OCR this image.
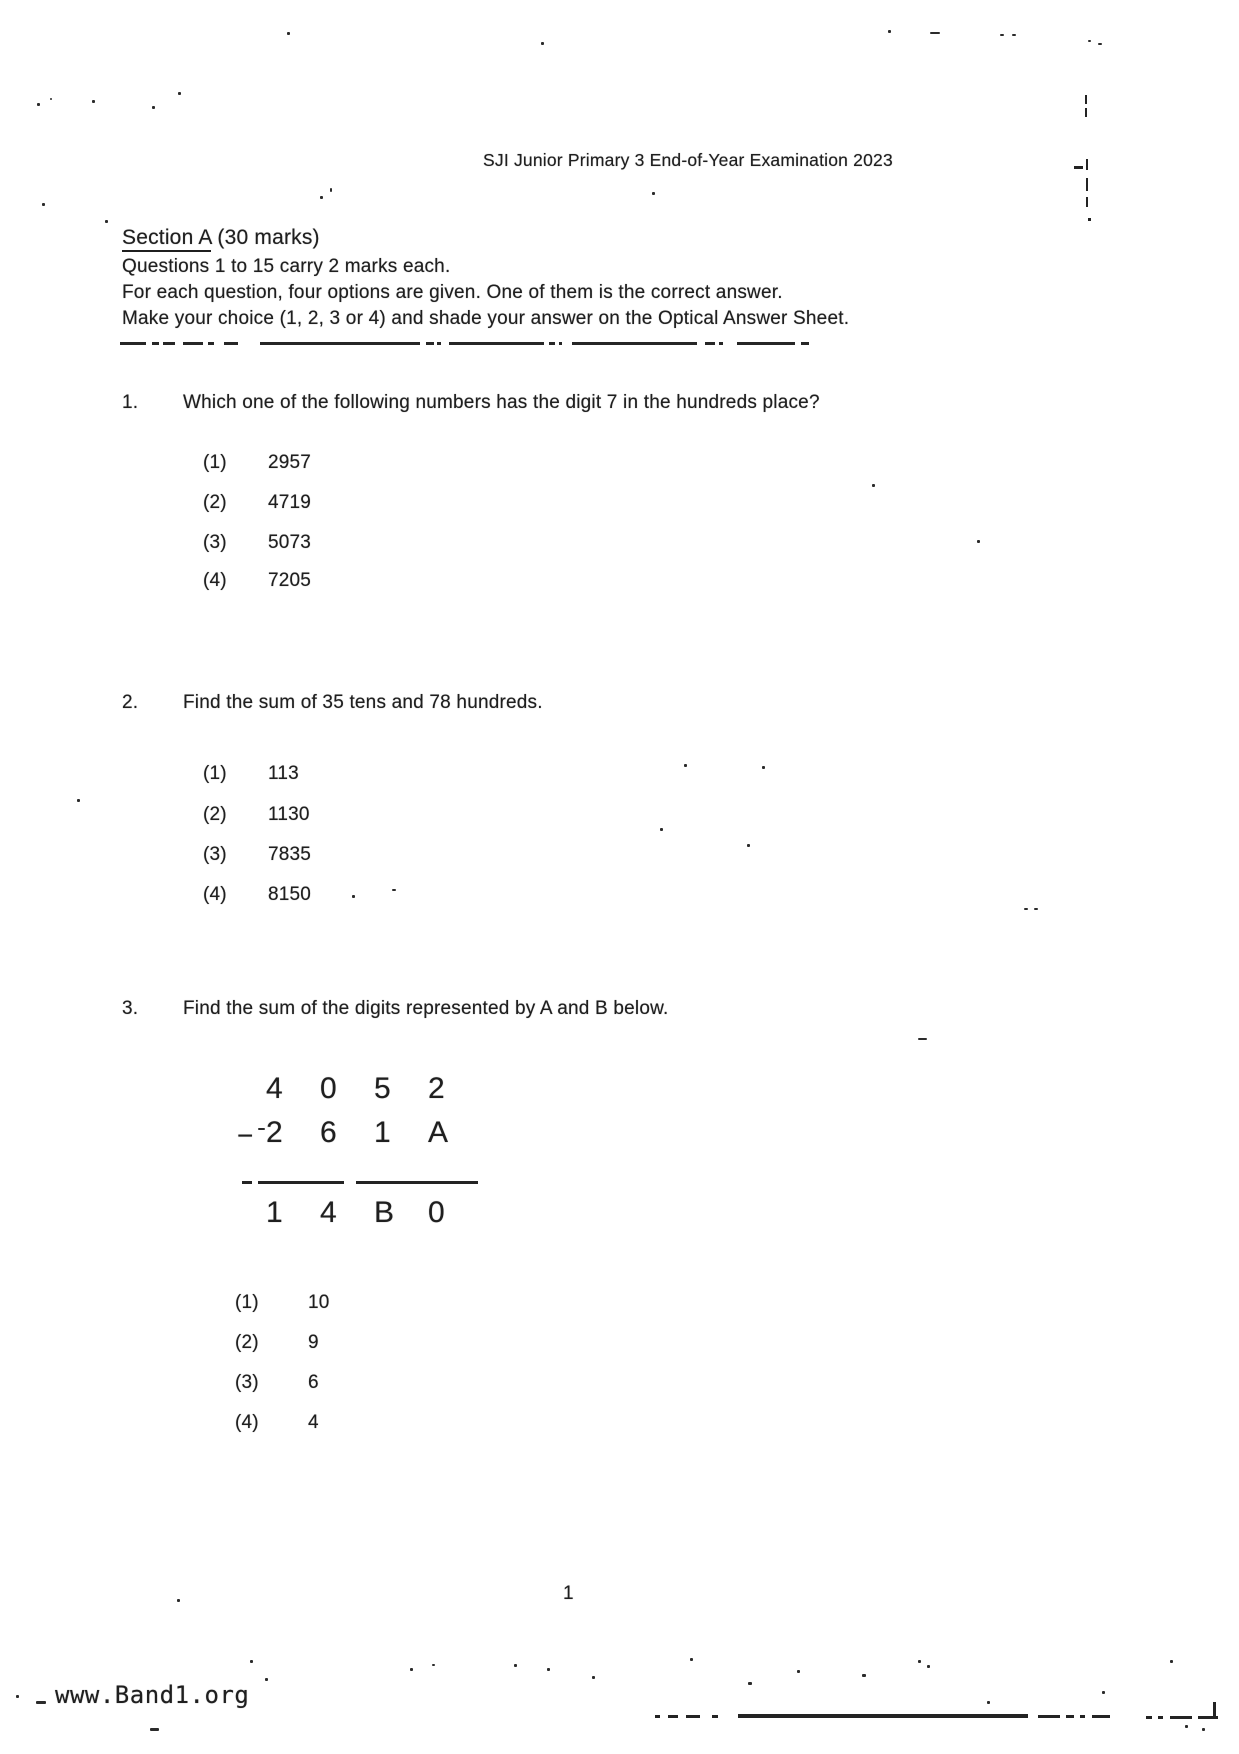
SJI Junior Primary 3 End-of-Year Examination 2023
Section A (30 marks)
Questions 1 to 15 carry 2 marks each.
For each question, four options are given. One of them is the correct answer.
Make your choice (1, 2, 3 or 4) and shade your answer on the Optical Answer Sheet.
1.	Which one of the following numbers has the digit 7 in the hundreds place?
(1)	2957
(2)	4719
(3)	5073
(4)	7205
2.	Find the sum of 35 tens and 78 hundreds.
(1)	113
(2)	1130
(3)	7835
(4)	8150
3.	Find the sum of the digits represented by A and B below.
4	0	5	2
− 2	6	1	A
1	4	B	0
(1)	10
(2)	9
(3)	6
(4)	4
1
www.Band1.org
